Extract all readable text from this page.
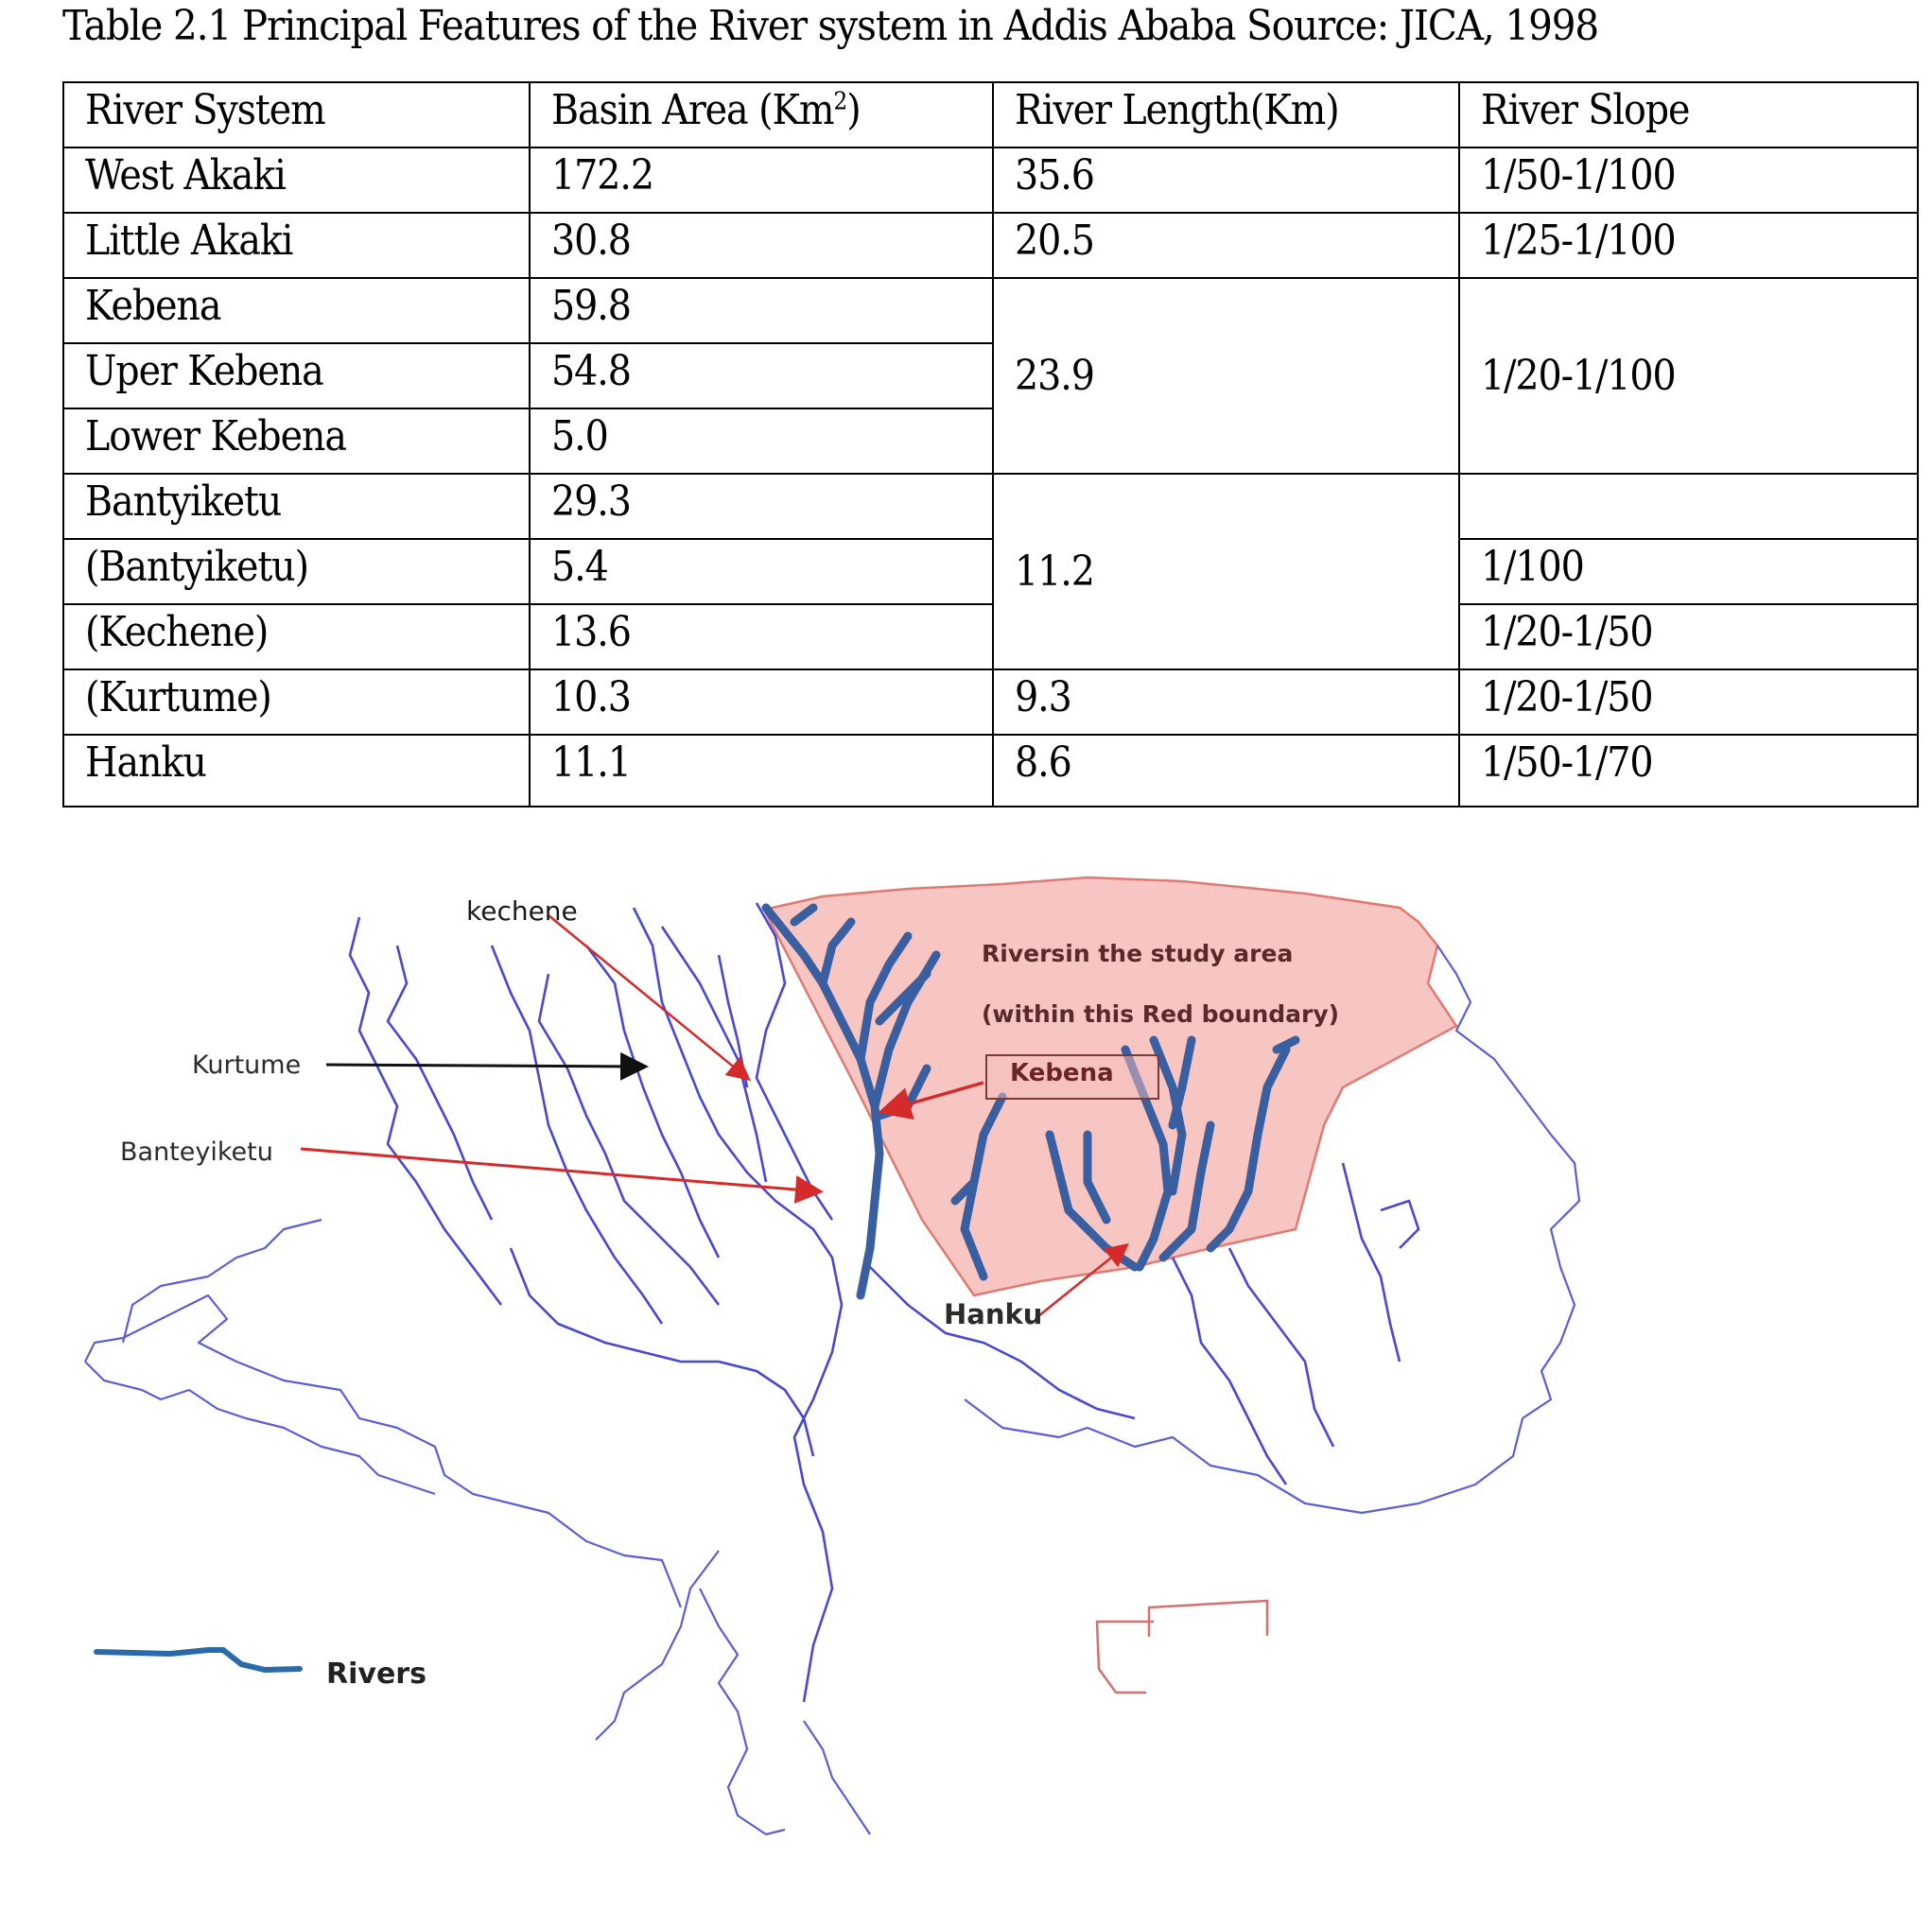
Table 2.1 Principal Features of the River system in Addis Ababa Source: JICA, 1998
River System	Basin Area (Km$^2$)	River Length(Km)	River Slope
West Akaki	172.2	35.6	1/50-1/100
Little Akaki	30.8	20.5	1/25-1/100
Kebena	59.8	23.9	1/20-1/100
Uper Kebena	54.8		
Lower Kebena	5.0		
Bantyiketu	29.3	11.2	
(Bantyiketu)	5.4		1/100
(Kechene)	13.6		1/20-1/50
(Kurtume)	10.3	9.3	1/20-1/50
Hanku	11.1	8.6	1/50-1/70
kechene
Kurtume
Banteyiketu
Riversin the study area
(within this Red boundary)
Kebena
Hanku
Rivers
